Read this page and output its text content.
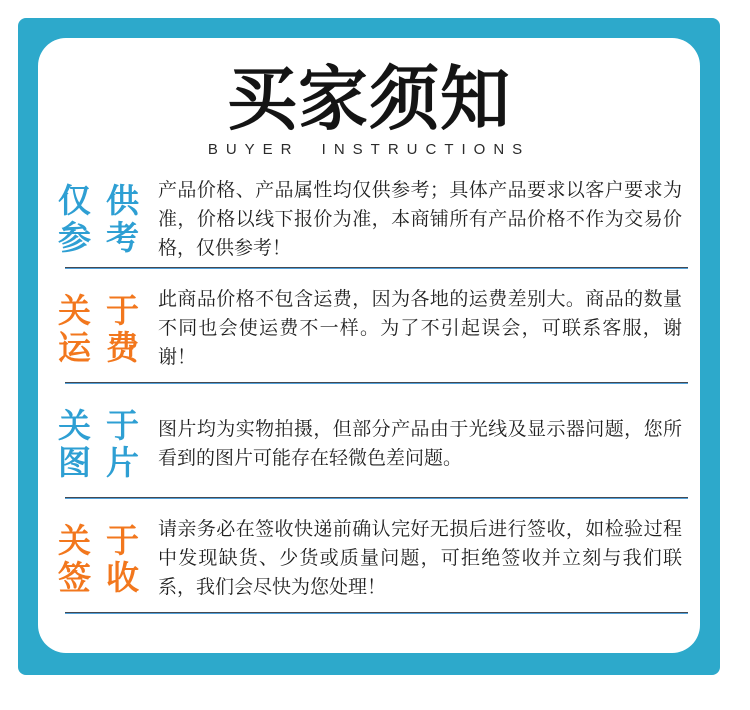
买家须知
BUYER INSTRUCTIONS
仅供
参考

产品价格、产品属性均仅供参考；具体产品要求以客户要求为准，价格以线下报价为准，本商铺所有产品价格不作为交易价格，仅供参考！

关于
运费

此商品价格不包含运费，因为各地的运费差别大。商品的数量不同也会使运费不一样。为了不引起误会，可联系客服，谢谢！

关于
图片

图片均为实物拍摄，但部分产品由于光线及显示器问题，您所看到的图片可能存在轻微色差问题。

关于
签收

请亲务必在签收快递前确认完好无损后进行签收，如检验过程中发现缺货、少货或质量问题，可拒绝签收并立刻与我们联系，我们会尽快为您处理！
